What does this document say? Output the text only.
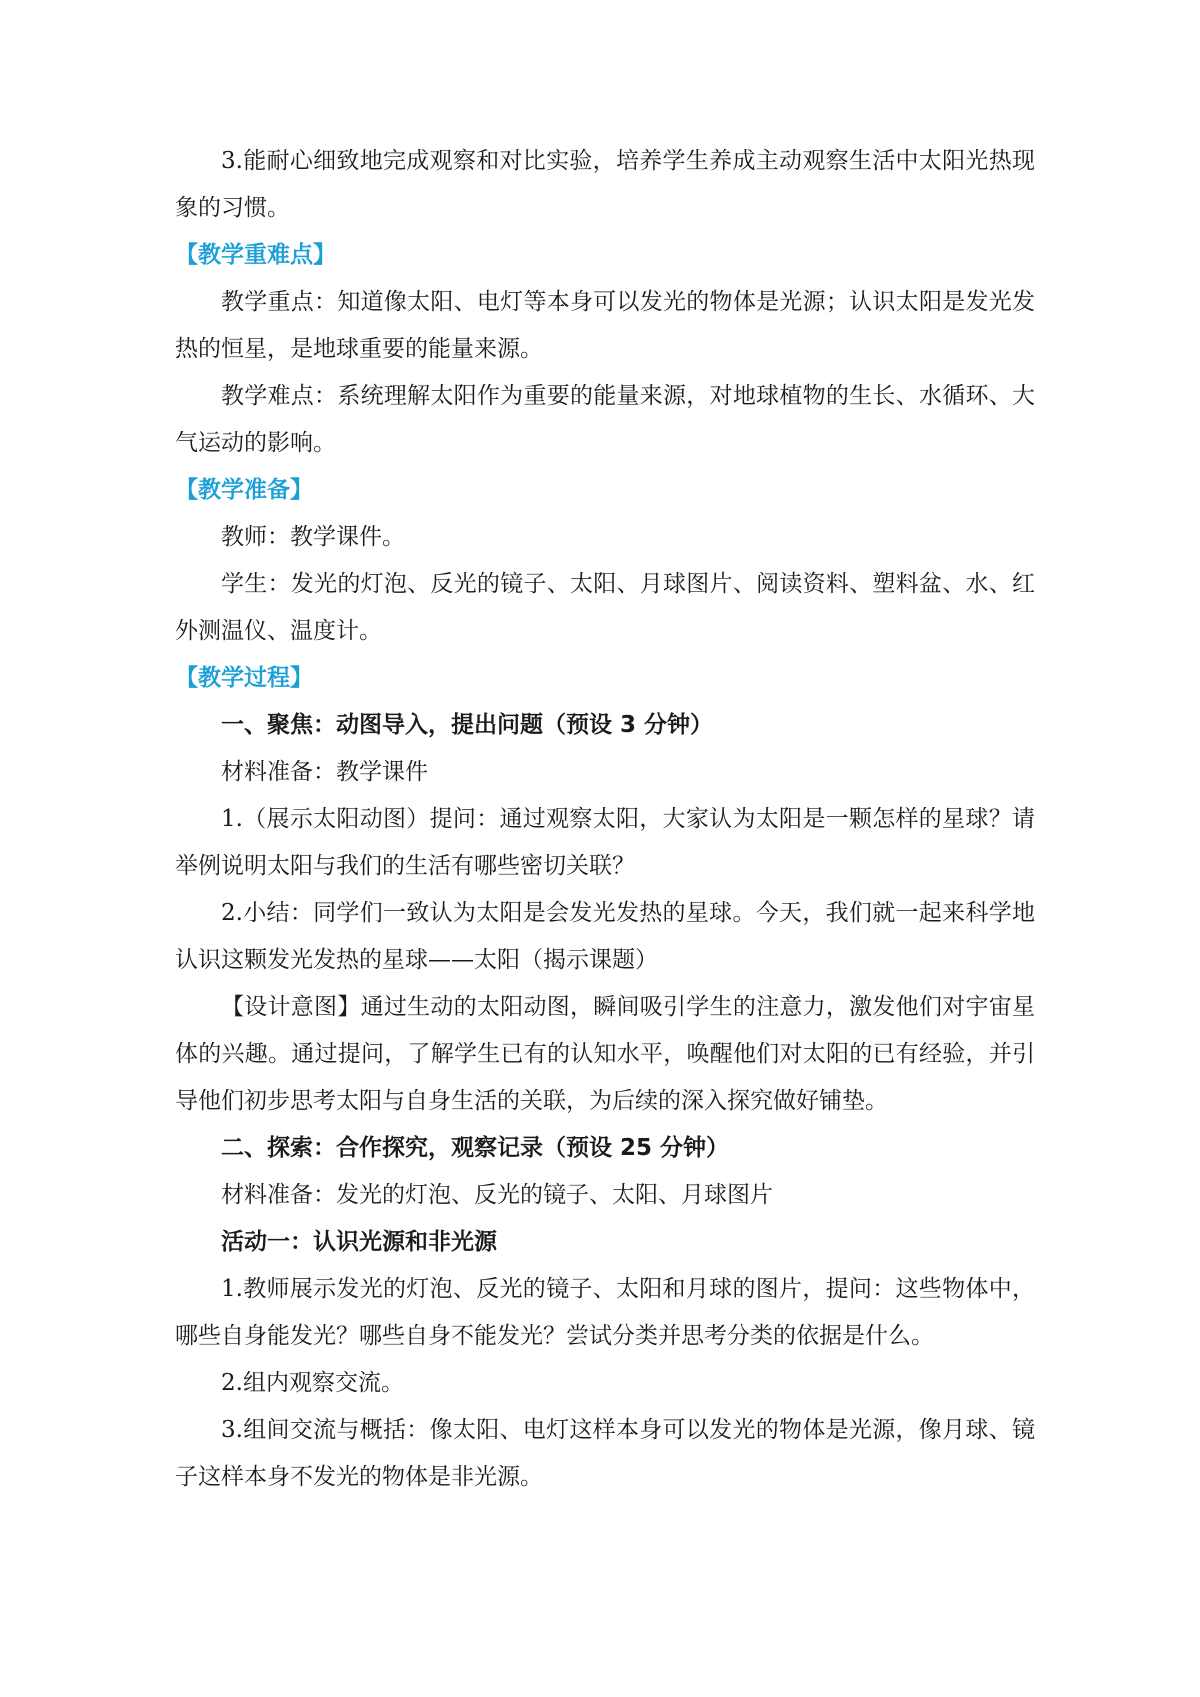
3.能耐心细致地完成观察和对比实验，培养学生养成主动观察生活中太阳光热现象的习惯。

【教学重难点】

教学重点：知道像太阳、电灯等本身可以发光的物体是光源；认识太阳是发光发热的恒星，是地球重要的能量来源。

教学难点：系统理解太阳作为重要的能量来源，对地球植物的生长、水循环、大气运动的影响。

【教学准备】

教师：教学课件。

学生：发光的灯泡、反光的镜子、太阳、月球图片、阅读资料、塑料盆、水、红外测温仪、温度计。

【教学过程】

一、聚焦：动图导入，提出问题（预设 3 分钟）

材料准备：教学课件

1.（展示太阳动图）提问：通过观察太阳，大家认为太阳是一颗怎样的星球？请举例说明太阳与我们的生活有哪些密切关联？

2.小结：同学们一致认为太阳是会发光发热的星球。今天，我们就一起来科学地认识这颗发光发热的星球——太阳（揭示课题）

【设计意图】通过生动的太阳动图，瞬间吸引学生的注意力，激发他们对宇宙星体的兴趣。通过提问，了解学生已有的认知水平，唤醒他们对太阳的已有经验，并引导他们初步思考太阳与自身生活的关联，为后续的深入探究做好铺垫。

二、探索：合作探究，观察记录（预设 25 分钟）

材料准备：发光的灯泡、反光的镜子、太阳、月球图片

活动一：认识光源和非光源

1.教师展示发光的灯泡、反光的镜子、太阳和月球的图片，提问：这些物体中，哪些自身能发光？哪些自身不能发光？尝试分类并思考分类的依据是什么。

2.组内观察交流。

3.组间交流与概括：像太阳、电灯这样本身可以发光的物体是光源，像月球、镜子这样本身不发光的物体是非光源。
